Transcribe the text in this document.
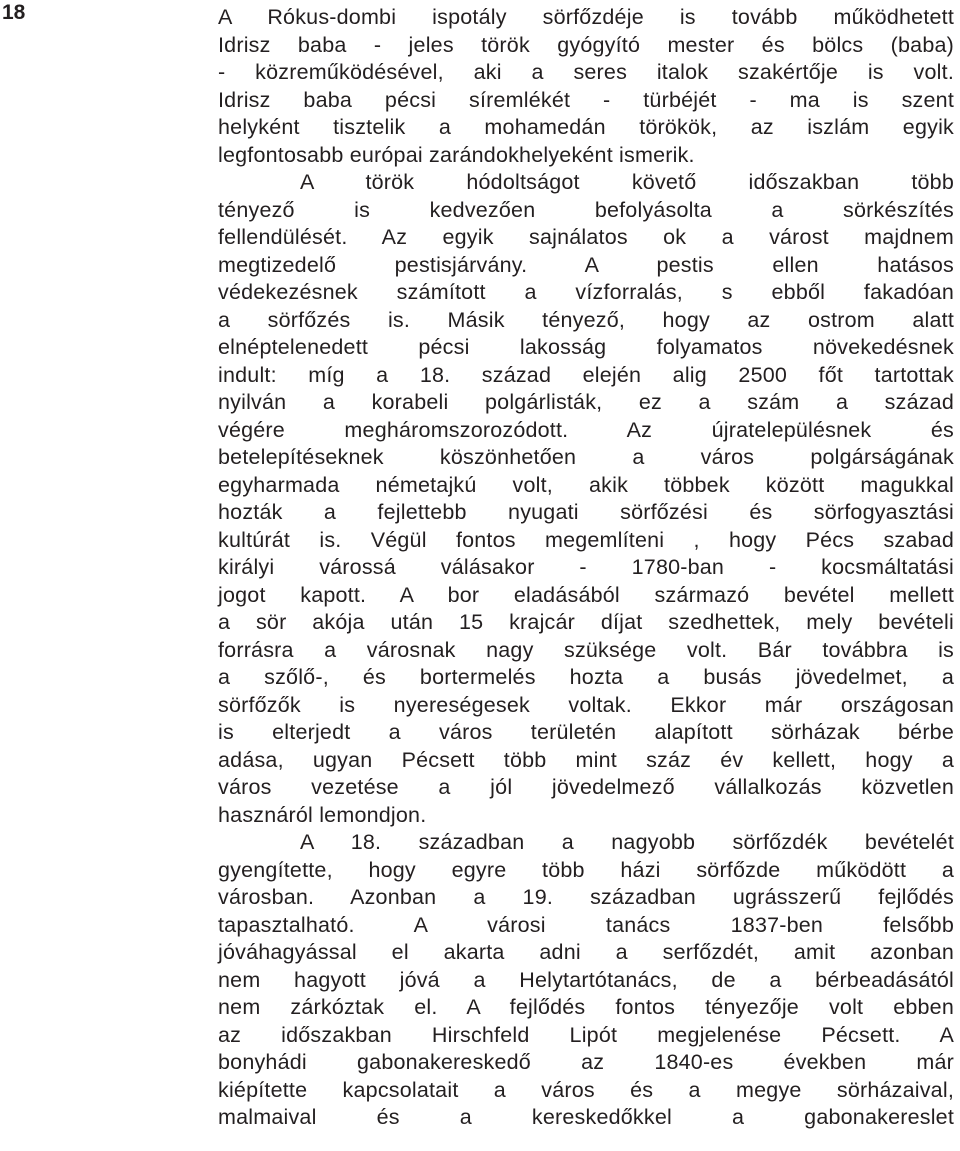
18	A Rókus-dombi ispotály sörfőzdéje is tovább működhetett
Idrisz baba - jeles török gyógyító mester és bölcs (baba)
- közreműködésével, aki a seres italok szakértője is volt.
Idrisz baba pécsi síremlékét - türbéjét - ma is szent
helyként tisztelik a mohamedán törökök, az iszlám egyik
legfontosabb európai zarándokhelyeként ismerik.
A török hódoltságot követő időszakban több
tényező is kedvezően befolyásolta a sörkészítés
fellendülését. Az egyik sajnálatos ok a várost majdnem
megtizedelő pestisjárvány. A pestis ellen hatásos
védekezésnek számított a vízforralás, s ebből fakadóan
a sörfőzés is. Másik tényező, hogy az ostrom alatt
elnéptelenedett pécsi lakosság folyamatos növekedésnek
indult: míg a 18. század elején alig 2500 főt tartottak
nyilván a korabeli polgárlisták, ez a szám a század
végére megháromszorozódott. Az újratelepülésnek és
betelepítéseknek köszönhetően a város polgárságának
egyharmada németajkú volt, akik többek között magukkal
hozták a fejlettebb nyugati sörfőzési és sörfogyasztási
kultúrát is. Végül fontos megemlíteni , hogy Pécs szabad
királyi várossá válásakor - 1780-ban - kocsmáltatási
jogot kapott. A bor eladásából származó bevétel mellett
a sör akója után 15 krajcár díjat szedhettek, mely bevételi
forrásra a városnak nagy szüksége volt. Bár továbbra is
a szőlő-, és bortermelés hozta a busás jövedelmet, a
sörfőzők is nyereségesek voltak. Ekkor már országosan
is elterjedt a város területén alapított sörházak bérbe
adása, ugyan Pécsett több mint száz év kellett, hogy a
város vezetése a jól jövedelmező vállalkozás közvetlen
hasznáról lemondjon.
A 18. században a nagyobb sörfőzdék bevételét
gyengítette, hogy egyre több házi sörfőzde működött a
városban. Azonban a 19. században ugrásszerű fejlődés
tapasztalható. A városi tanács 1837-ben felsőbb
jóváhagyással el akarta adni a serfőzdét, amit azonban
nem hagyott jóvá a Helytartótanács, de a bérbeadásától
nem zárkóztak el. A fejlődés fontos tényezője volt ebben
az időszakban Hirschfeld Lipót megjelenése Pécsett. A
bonyhádi gabonakereskedő az 1840-es években már
kiépítette kapcsolatait a város és a megye sörházaival,
malmaival és a kereskedőkkel a gabonakereslet
